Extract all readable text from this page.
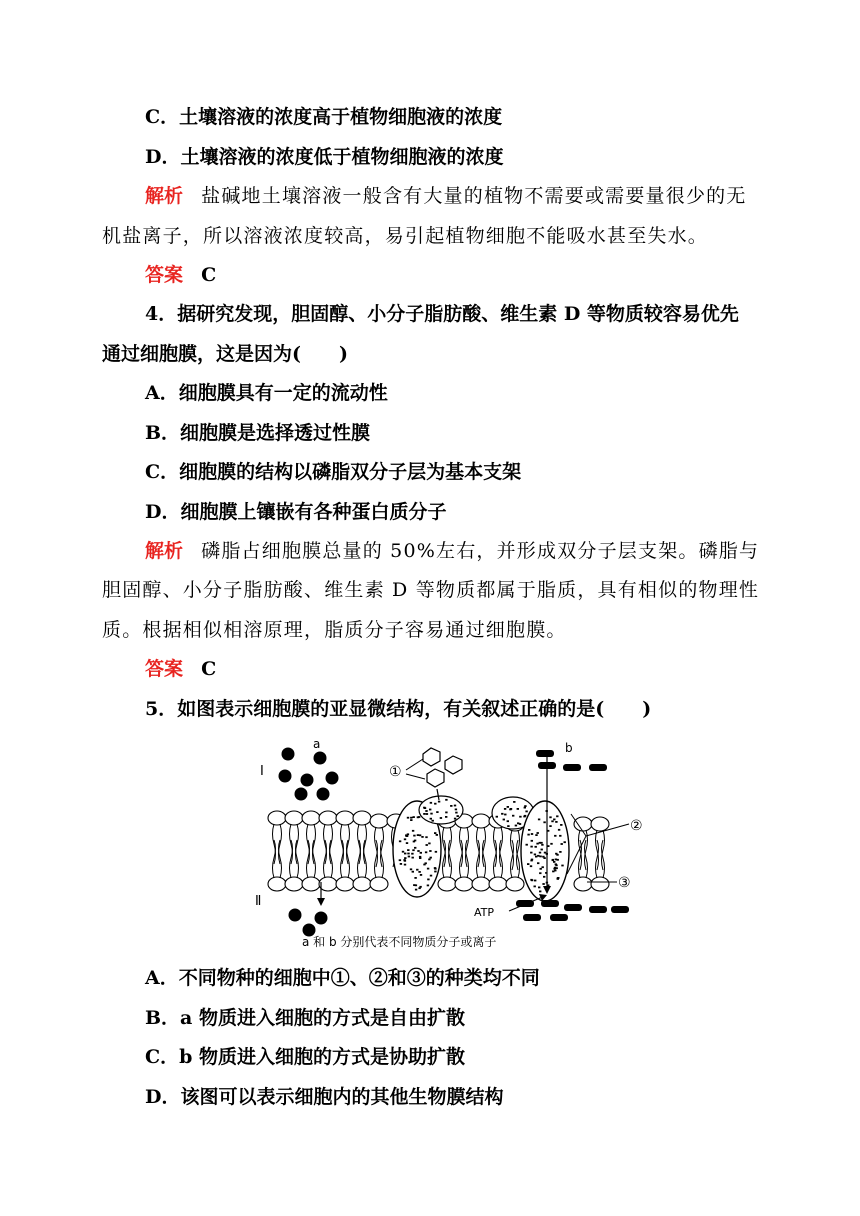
C．土壤溶液的浓度高于植物细胞液的浓度
D．土壤溶液的浓度低于植物细胞液的浓度
解析 盐碱地土壤溶液一般含有大量的植物不需要或需要量很少的无
机盐离子，所以溶液浓度较高，易引起植物细胞不能吸水甚至失水。
答案 C
4．据研究发现，胆固醇、小分子脂肪酸、维生素 D 等物质较容易优先
通过细胞膜，这是因为(　　)
A．细胞膜具有一定的流动性
B．细胞膜是选择透过性膜
C．细胞膜的结构以磷脂双分子层为基本支架
D．细胞膜上镶嵌有各种蛋白质分子
解析 磷脂占细胞膜总量的 50%左右，并形成双分子层支架。磷脂与
胆固醇、小分子脂肪酸、维生素 D 等物质都属于脂质，具有相似的物理性
质。根据相似相溶原理，脂质分子容易通过细胞膜。
答案 C
5．如图表示细胞膜的亚显微结构，有关叙述正确的是(　　)
a	b
Ⅰ
Ⅱ
①
②
③
ATP
a 和 b 分别代表不同物质分子或离子
A．不同物种的细胞中①、②和③的种类均不同
B．a 物质进入细胞的方式是自由扩散
C．b 物质进入细胞的方式是协助扩散
D．该图可以表示细胞内的其他生物膜结构
